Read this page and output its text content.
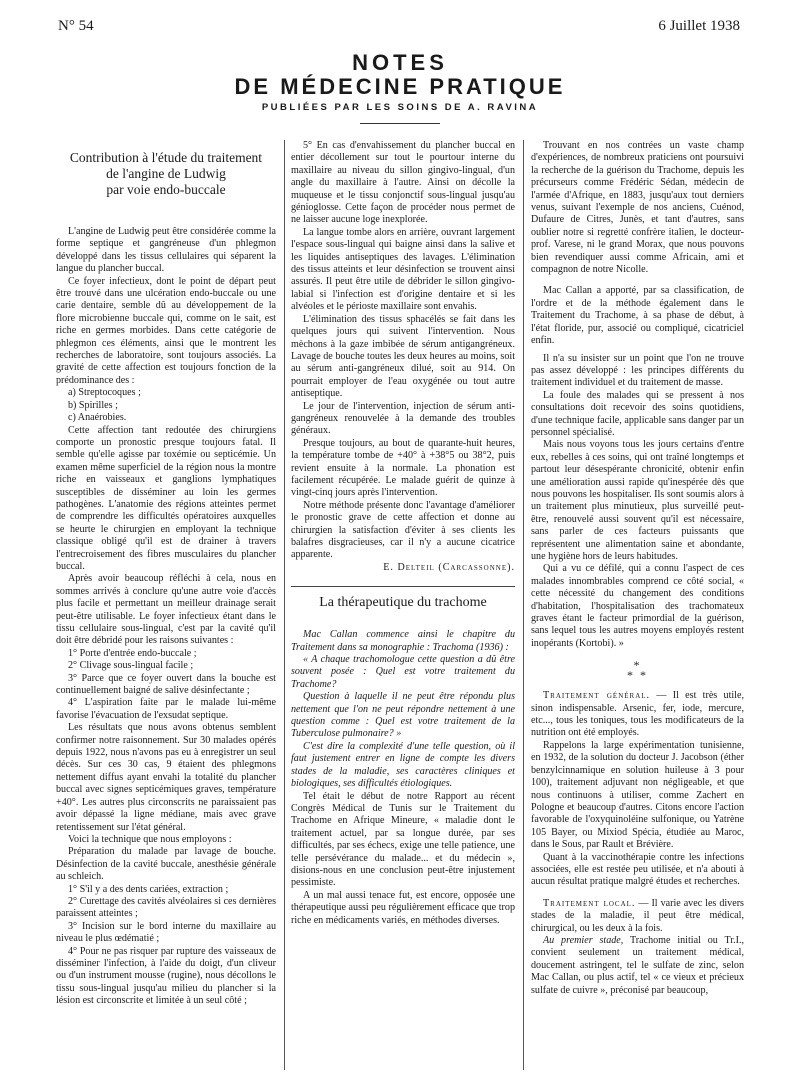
N° 54	6 Juillet 1938
NOTES
DE MÉDECINE PRATIQUE
PUBLIÉES PAR LES SOINS DE A. RAVINA
Contribution à l'étude du traitement
de l'angine de Ludwig
par voie endo-buccale

L'angine de Ludwig peut être considérée comme la forme septique et gangréneuse d'un phlegmon développé dans les tissus cellulaires qui séparent la langue du plancher buccal.

Ce foyer infectieux, dont le point de départ peut être trouvé dans une ulcération endo-buccale ou une carie dentaire, semble dû au développement de la flore microbienne buccale qui, comme on le sait, est riche en germes morbides. Dans cette catégorie de phlegmon ces éléments, ainsi que le montrent les recherches de laboratoire, sont toujours associés. La gravité de cette affection est toujours fonction de la prédominance des :

a) Streptocoques ;

b) Spirilles ;

c) Anaérobies.

Cette affection tant redoutée des chirurgiens comporte un pronostic presque toujours fatal. Il semble qu'elle agisse par toxémie ou septicémie. Un examen même superficiel de la région nous la montre riche en vaisseaux et ganglions lymphatiques susceptibles de disséminer au loin les germes pathogènes. L'anatomie des régions atteintes permet de comprendre les difficultés opératoires auxquelles se heurte le chirurgien en employant la technique classique obligé qu'il est de drainer à travers l'entrecroisement des fibres musculaires du plancher buccal.

Après avoir beaucoup réfléchi à cela, nous en sommes arrivés à conclure qu'une autre voie d'accès plus facile et permettant un meilleur drainage serait peut-être utilisable. Le foyer infectieux étant dans le tissu cellulaire sous-lingual, c'est par la cavité qu'il doit être débridé pour les raisons suivantes :

1° Porte d'entrée endo-buccale ;

2° Clivage sous-lingual facile ;

3° Parce que ce foyer ouvert dans la bouche est continuellement baigné de salive désinfectante ;

4° L'aspiration faite par le malade lui-même favorise l'évacuation de l'exsudat septique.

Les résultats que nous avons obtenus semblent confirmer notre raisonnement. Sur 30 malades opérés depuis 1922, nous n'avons pas eu à enregistrer un seul décès. Sur ces 30 cas, 9 étaient des phlegmons nettement diffus ayant envahi la totalité du plancher buccal avec signes septicémiques graves, température +40°. Les autres plus circonscrits ne paraissaient pas avoir dépassé la ligne médiane, mais avec grave retentissement sur l'état général.

Voici la technique que nous employons :

Préparation du malade par lavage de bouche. Désinfection de la cavité buccale, anesthésie générale au schleich.

1° S'il y a des dents cariées, extraction ;

2° Curettage des cavités alvéolaires si ces dernières paraissent atteintes ;

3° Incision sur le bord interne du maxillaire au niveau le plus œdématié ;

4° Pour ne pas risquer par rupture des vaisseaux de disséminer l'infection, à l'aide du doigt, d'un cliveur ou d'un instrument mousse (rugine), nous décollons le tissu sous-lingual jusqu'au milieu du plancher si la lésion est circonscrite et limitée à un seul côté ;

5° En cas d'envahissement du plancher buccal en entier décollement sur tout le pourtour interne du maxillaire au niveau du sillon gingivo-lingual, d'un angle du maxillaire à l'autre. Ainsi on décolle la muqueuse et le tissu conjonctif sous-lingual jusqu'au génioglosse. Cette façon de procéder nous permet de ne laisser aucune loge inexplorée.

La langue tombe alors en arrière, ouvrant largement l'espace sous-lingual qui baigne ainsi dans la salive et les liquides antiseptiques des lavages. L'élimination des tissus atteints et leur désinfection se trouvent ainsi assurés. Il peut être utile de débrider le sillon gingivo-labial si l'infection est d'origine dentaire et si les alvéoles et le périoste maxillaire sont envahis.

L'élimination des tissus sphacélés se fait dans les quelques jours qui suivent l'intervention. Nous mèchons à la gaze imbibée de sérum antigangréneux. Lavage de bouche toutes les deux heures au moins, soit au sérum anti-gangréneux dilué, soit au 914. On pourrait employer de l'eau oxygénée ou tout autre antiseptique.

Le jour de l'intervention, injection de sérum anti-gangréneux renouvelée à la demande des troubles généraux.

Presque toujours, au bout de quarante-huit heures, la température tombe de +40° à +38°5 ou 38°2, puis revient ensuite à la normale. La phonation est facilement récupérée. Le malade guérit de quinze à vingt-cinq jours après l'intervention.

Notre méthode présente donc l'avantage d'améliorer le pronostic grave de cette affection et donne au chirurgien la satisfaction d'éviter à ses clients les balafres disgracieuses, car il n'y a aucune cicatrice apparente.

E. Delteil (Carcassonne).

La thérapeutique du trachome

Mac Callan commence ainsi le chapitre du Traitement dans sa monographie : Trachoma (1936) :

« A chaque trachomologue cette question a dû être souvent posée : Quel est votre traitement du Trachome?

Question à laquelle il ne peut être répondu plus nettement que l'on ne peut répondre nettement à une question comme : Quel est votre traitement de la Tuberculose pulmonaire? »

C'est dire la complexité d'une telle question, où il faut justement entrer en ligne de compte les divers stades de la maladie, ses caractères cliniques et biologiques, ses difficultés étiologiques.

Tel était le début de notre Rapport au récent Congrès Médical de Tunis sur le Traitement du Trachome en Afrique Mineure, « maladie dont le traitement actuel, par sa longue durée, par ses difficultés, par ses échecs, exige une telle patience, une telle persévérance du malade... et du médecin », disions-nous en une conclusion peut-être injustement pessimiste.

A un mal aussi tenace fut, est encore, opposée une thérapeutique aussi peu régulièrement efficace que trop riche en médicaments variés, en méthodes diverses.

Trouvant en nos contrées un vaste champ d'expériences, de nombreux praticiens ont poursuivi la recherche de la guérison du Trachome, depuis les précurseurs comme Frédéric Sédan, médecin de l'armée d'Afrique, en 1883, jusqu'aux tout derniers venus, suivant l'exemple de nos anciens, Cuénod, Dufaure de Citres, Junès, et tant d'autres, sans oublier notre si regretté confrère italien, le docteur-prof. Varese, ni le grand Morax, que nous pouvons bien revendiquer aussi comme Africain, ami et compagnon de notre Nicolle.

Mac Callan a apporté, par sa classification, de l'ordre et de la méthode également dans le Traitement du Trachome, à sa phase de début, à l'état floride, pur, associé ou compliqué, cicatriciel enfin.

Il n'a su insister sur un point que l'on ne trouve pas assez développé : les principes différents du traitement individuel et du traitement de masse.

La foule des malades qui se pressent à nos consultations doit recevoir des soins quotidiens, d'une technique facile, applicable sans danger par un personnel spécialisé.

Mais nous voyons tous les jours certains d'entre eux, rebelles à ces soins, qui ont traîné longtemps et partout leur désespérante chronicité, obtenir enfin une amélioration aussi rapide qu'inespérée dès que nous pouvons les hospitaliser. Ils sont soumis alors à un traitement plus minutieux, plus surveillé peut-être, renouvelé aussi souvent qu'il est nécessaire, sans parler de ces facteurs puissants que représentent une alimentation saine et abondante, une hygiène hors de leurs habitudes.

Qui a vu ce défilé, qui a connu l'aspect de ces malades innombrables comprend ce côté social, « cette nécessité du changement des conditions d'habitation, l'hospitalisation des trachomateux graves étant le facteur primordial de la guérison, sans lequel tous les autres moyens employés restent inopérants (Kortobi). »

*
* *

Traitement général. — Il est très utile, sinon indispensable. Arsenic, fer, iode, mercure, etc..., tous les toniques, tous les modificateurs de la nutrition ont été employés.

Rappelons la large expérimentation tunisienne, en 1932, de la solution du docteur J. Jacobson (éther benzylcinnamique en solution huileuse à 3 pour 100), traitement adjuvant non négligeable, et que nous continuons à utiliser, comme Zachert en Pologne et beaucoup d'autres. Citons encore l'action favorable de l'oxyquinoléine sulfonique, ou Yatrène 105 Bayer, ou Mixiod Spécia, étudiée au Maroc, dans le Sous, par Rault et Brévière.

Quant à la vaccinothérapie contre les infections associées, elle est restée peu utilisée, et n'a abouti à aucun résultat pratique malgré études et recherches.

Traitement local. — Il varie avec les divers stades de la maladie, il peut être médical, chirurgical, ou les deux à la fois.

Au premier stade, Trachome initial ou Tr.I., convient seulement un traitement médical, doucement astringent, tel le sulfate de zinc, selon Mac Callan, ou plus actif, tel « ce vieux et précieux sulfate de cuivre », préconisé par beaucoup,
